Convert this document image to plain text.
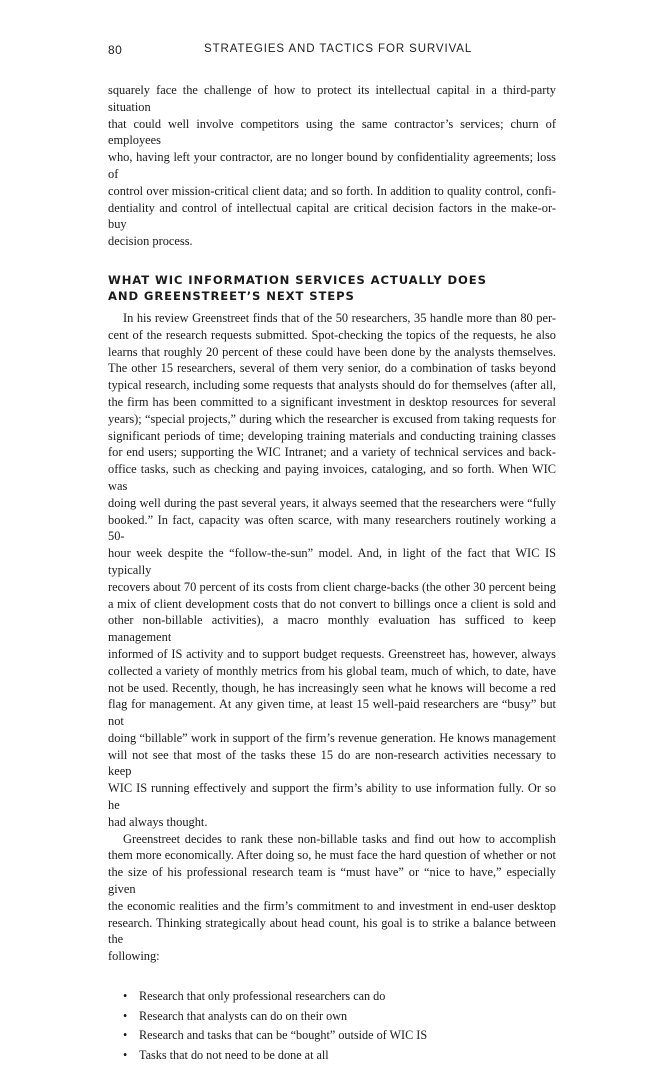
80	STRATEGIES AND TACTICS FOR SURVIVAL

squarely face the challenge of how to protect its intellectual capital in a third-party situation
that could well involve competitors using the same contractor’s services; churn of employees
who, having left your contractor, are no longer bound by confidentiality agreements; loss of
control over mission-critical client data; and so forth. In addition to quality control, confi-
dentiality and control of intellectual capital are critical decision factors in the make-or-buy
decision process.

WHAT WIC INFORMATION SERVICES ACTUALLY DOES
AND GREENSTREET’S NEXT STEPS

In his review Greenstreet finds that of the 50 researchers, 35 handle more than 80 per-
cent of the research requests submitted. Spot-checking the topics of the requests, he also
learns that roughly 20 percent of these could have been done by the analysts themselves.
The other 15 researchers, several of them very senior, do a combination of tasks beyond
typical research, including some requests that analysts should do for themselves (after all,
the firm has been committed to a significant investment in desktop resources for several
years); “special projects,” during which the researcher is excused from taking requests for
significant periods of time; developing training materials and conducting training classes
for end users; supporting the WIC Intranet; and a variety of technical services and back-
office tasks, such as checking and paying invoices, cataloging, and so forth. When WIC was
doing well during the past several years, it always seemed that the researchers were “fully
booked.” In fact, capacity was often scarce, with many researchers routinely working a 50-
hour week despite the “follow-the-sun” model. And, in light of the fact that WIC IS typically
recovers about 70 percent of its costs from client charge-backs (the other 30 percent being
a mix of client development costs that do not convert to billings once a client is sold and
other non-billable activities), a macro monthly evaluation has sufficed to keep management
informed of IS activity and to support budget requests. Greenstreet has, however, always
collected a variety of monthly metrics from his global team, much of which, to date, have
not be used. Recently, though, he has increasingly seen what he knows will become a red
flag for management. At any given time, at least 15 well-paid researchers are “busy” but not
doing “billable” work in support of the firm’s revenue generation. He knows management
will not see that most of the tasks these 15 do are non-research activities necessary to keep
WIC IS running effectively and support the firm’s ability to use information fully. Or so he
had always thought.

Greenstreet decides to rank these non-billable tasks and find out how to accomplish
them more economically. After doing so, he must face the hard question of whether or not
the size of his professional research team is “must have” or “nice to have,” especially given
the economic realities and the firm’s commitment to and investment in end-user desktop
research. Thinking strategically about head count, his goal is to strike a balance between the
following:

• Research that only professional researchers can do
• Research that analysts can do on their own
• Research and tasks that can be “bought” outside of WIC IS
• Tasks that do not need to be done at all
